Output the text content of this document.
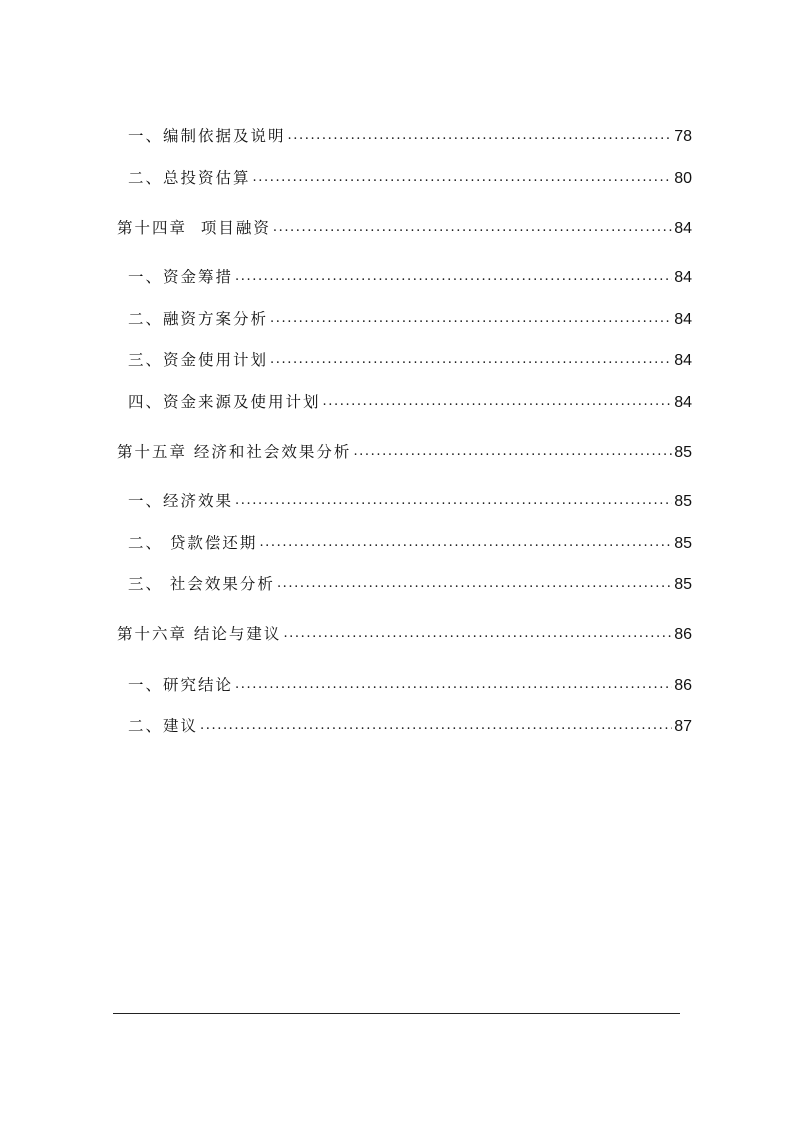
一、编制依据及说明 .....	78
二、总投资估算 .....	80
第十四章  项目融资 .....	84
一、资金筹措 .....	84
二、融资方案分析 .....	84
三、资金使用计划 .....	84
四、资金来源及使用计划 .....	84
第十五章 经济和社会效果分析 .....	85
一、经济效果 .....	85
二、 贷款偿还期 .....	85
三、 社会效果分析 .....	85
第十六章 结论与建议 .....	86
一、研究结论 .....	86
二、建议 .....	87
